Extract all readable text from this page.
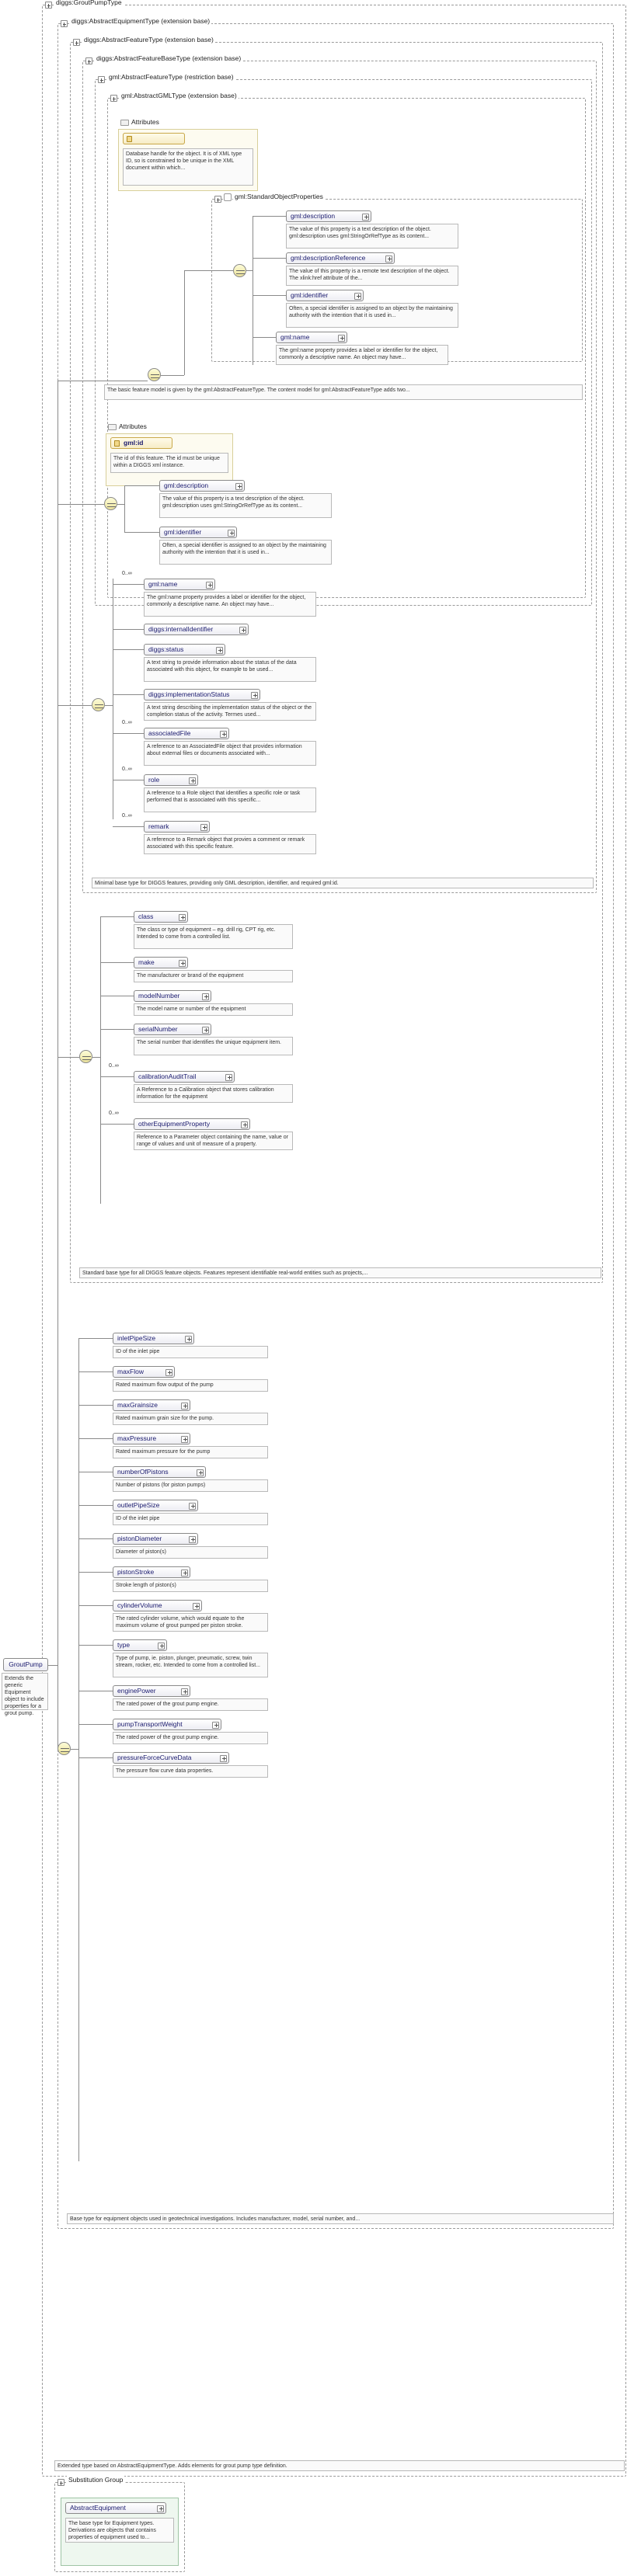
diggs:GroutPumpType
diggs:AbstractEquipmentType (extension base)
diggs:AbstractFeatureType (extension base)
diggs:AbstractFeatureBaseType (extension base)
gml:AbstractFeatureType (restriction base)
gml:AbstractGMLType (extension base)
Attributes
Database handle for the object. It is of XML type ID, so is constrained to be unique in the XML document within which...
gml:StandardObjectProperties
gml:description
The value of this property is a text description of the object. gml:description uses gml:StringOrRefType as its content...
gml:descriptionReference
The value of this property is a remote text description of the object. The xlink:href attribute of the...
gml:identifier
Often, a special identifier is assigned to an object by the maintaining authority with the intention that it is used in...
gml:name
The gml:name property provides a label or identifier for the object, commonly a descriptive name. An object may have...
The basic feature model is given by the gml:AbstractFeatureType. The content model for gml:AbstractFeatureType adds two...
Attributes
gml:id
The id of this feature. The id must be unique within a DIGGS xml instance.
gml:description
The value of this property is a text description of the object. gml:description uses gml:StringOrRefType as its content...
gml:identifier
Often, a special identifier is assigned to an object by the maintaining authority with the intention that it is used in...
Minimal base type for DIGGS features, providing only GML description, identifier, and required gml:id.
0..∞
gml:name
The gml:name property provides a label or identifier for the object, commonly a descriptive name. An object may have...
diggs:internalIdentifier
diggs:status
A text string to provide information about the status of the data associated with this object, for example to be used...
diggs:implementationStatus
A text string describing the implementation status of the object or the completion status of the activity. Termes used...
0..∞
associatedFile
A reference to an AssociatedFile object that provides information about external files or documents associated with...
0..∞
role
A reference to a Role object that identifies a specific role or task performed that is associated with this specific...
0..∞
remark
A reference to a Remark object that provies a comment or remark associated with this specific feature.
Standard base type for all DIGGS feature objects. Features represent identifiable real-world entities such as projects,...
class
The class or type of equipment – eg. drill rig, CPT rig, etc. Intended to come from a controlled list.
make
The manufacturer or brand of the equipment
modelNumber
The model name or number of the equipment
serialNumber
The serial number that identifies the unique equipment item.
0..∞
calibrationAuditTrail
A Reference to a Calibration object that stores calibration information for the equipment
0..∞
otherEquipmentProperty
Reference to a Parameter object containing the name, value or range of values and unit of measure of a property.
Base type for equipment objects used in geotechnical investigations. Includes manufacturer, model, serial number, and...
inletPipeSize
ID of the inlet pipe
maxFlow
Rated maximum flow output of the pump
maxGrainsize
Rated maximum grain size for the pump.
maxPressure
Rated maximum pressure for the pump
numberOfPistons
Number of pistons (for piston pumps)
outletPipeSize
ID of the inlet pipe
pistonDiameter
Diameter of piston(s)
pistonStroke
Stroke length of piston(s)
cylinderVolume
The rated cylinder volume, which would equate to the maximum volume of grout pumped per piston stroke.
type
Type of pump, ie. piston, plunger, pneumatic, screw, twin stream, rocker, etc. Intended to come from a controlled list...
enginePower
The rated power of the grout pump engine.
pumpTransportWeight
The rated power of the grout pump engine.
pressureForceCurveData
The pressure flow curve data properties.
Extended type based on AbstractEquipmentType. Adds elements for grout pump type definition.
GroutPump
Extends the generic Equipment object to include properties for a grout pump.
Substitution Group
AbstractEquipment
The base type for Equipment types. Derivations are objects that contains properties of equipment used to...
